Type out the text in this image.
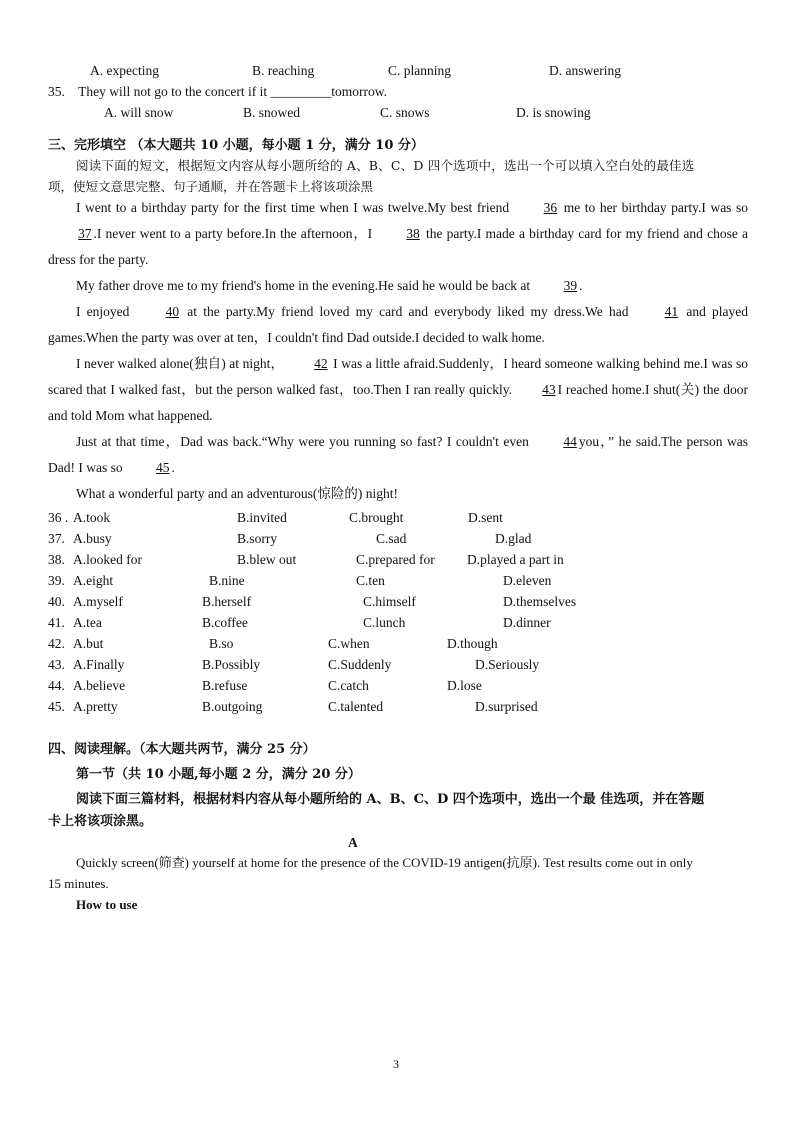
A. expecting	B. reaching	C. planning	D. answering
35. They will not go to the concert if it _________tomorrow.
A. will snow	B. snowed	C. snows	D. is snowing
三、完形填空 （本大题共 10 小题，每小题 1 分，满分 10 分）
阅读下面的短文，根据短文内容从每小题所给的 A、B、C、D 四个选项中，选出一个可以填入空白处的最佳选
项，使短文意思完整、句子通顺，并在答题卡上将该项涂黑

I went to a birthday party for the first time when I was twelve.My best friend 36 me to her birthday party.I was so 37 .I never went to a party before.In the afternoon，I 38 the party.I made a birthday card for my friend and chose a dress for the party.

My father drove me to my friend's home in the evening.He said he would be back at 39 .

I enjoyed 40 at the party.My friend loved my card and everybody liked my dress.We had 41 and played games.When the party was over at ten，I couldn't find Dad outside.I decided to walk home.

I never walked alone(独自) at night， 42 I was a little afraid.Suddenly，I heard someone walking behind me.I was so scared that I walked fast，but the person walked fast，too.Then I ran really quickly. 43 I reached home.I shut(关) the door and told Mom what happened.

Just at that time，Dad was back.“Why were you running so fast? I couldn't even 44 you，” he said.The person was Dad! I was so 45 .

What a wonderful party and an adventurous(惊险的) night!

36 . A.took	B.invited	C.brought	D.sent
37. A.busy	B.sorry	C.sad	D.glad
38. A.looked for	B.blew out	C.prepared for D.played a part in
39. A.eight	B.nine	C.ten	D.eleven
40. A.myself	B.herself	C.himself	D.themselves
41. A.tea	B.coffee	C.lunch	D.dinner
42. A.but	B.so	C.when	D.though
43. A.Finally	B.Possibly	C.Suddenly	D.Seriously
44. A.believe	B.refuse	C.catch	D.lose
45. A.pretty	B.outgoing	C.talented	D.surprised
四、阅读理解。（本大题共两节，满分 25 分）
第一节（共 10 小题,每小题 2 分，满分 20 分）
阅读下面三篇材料，根据材料内容从每小题所给的 A、B、C、D 四个选项中，选出一个最 佳选项，并在答题
卡上将该项涂黑。
A
Quickly screen(筛查) yourself at home for the presence of the COVID-19 antigen(抗原). Test results come out in only
15 minutes.
How to use
3
